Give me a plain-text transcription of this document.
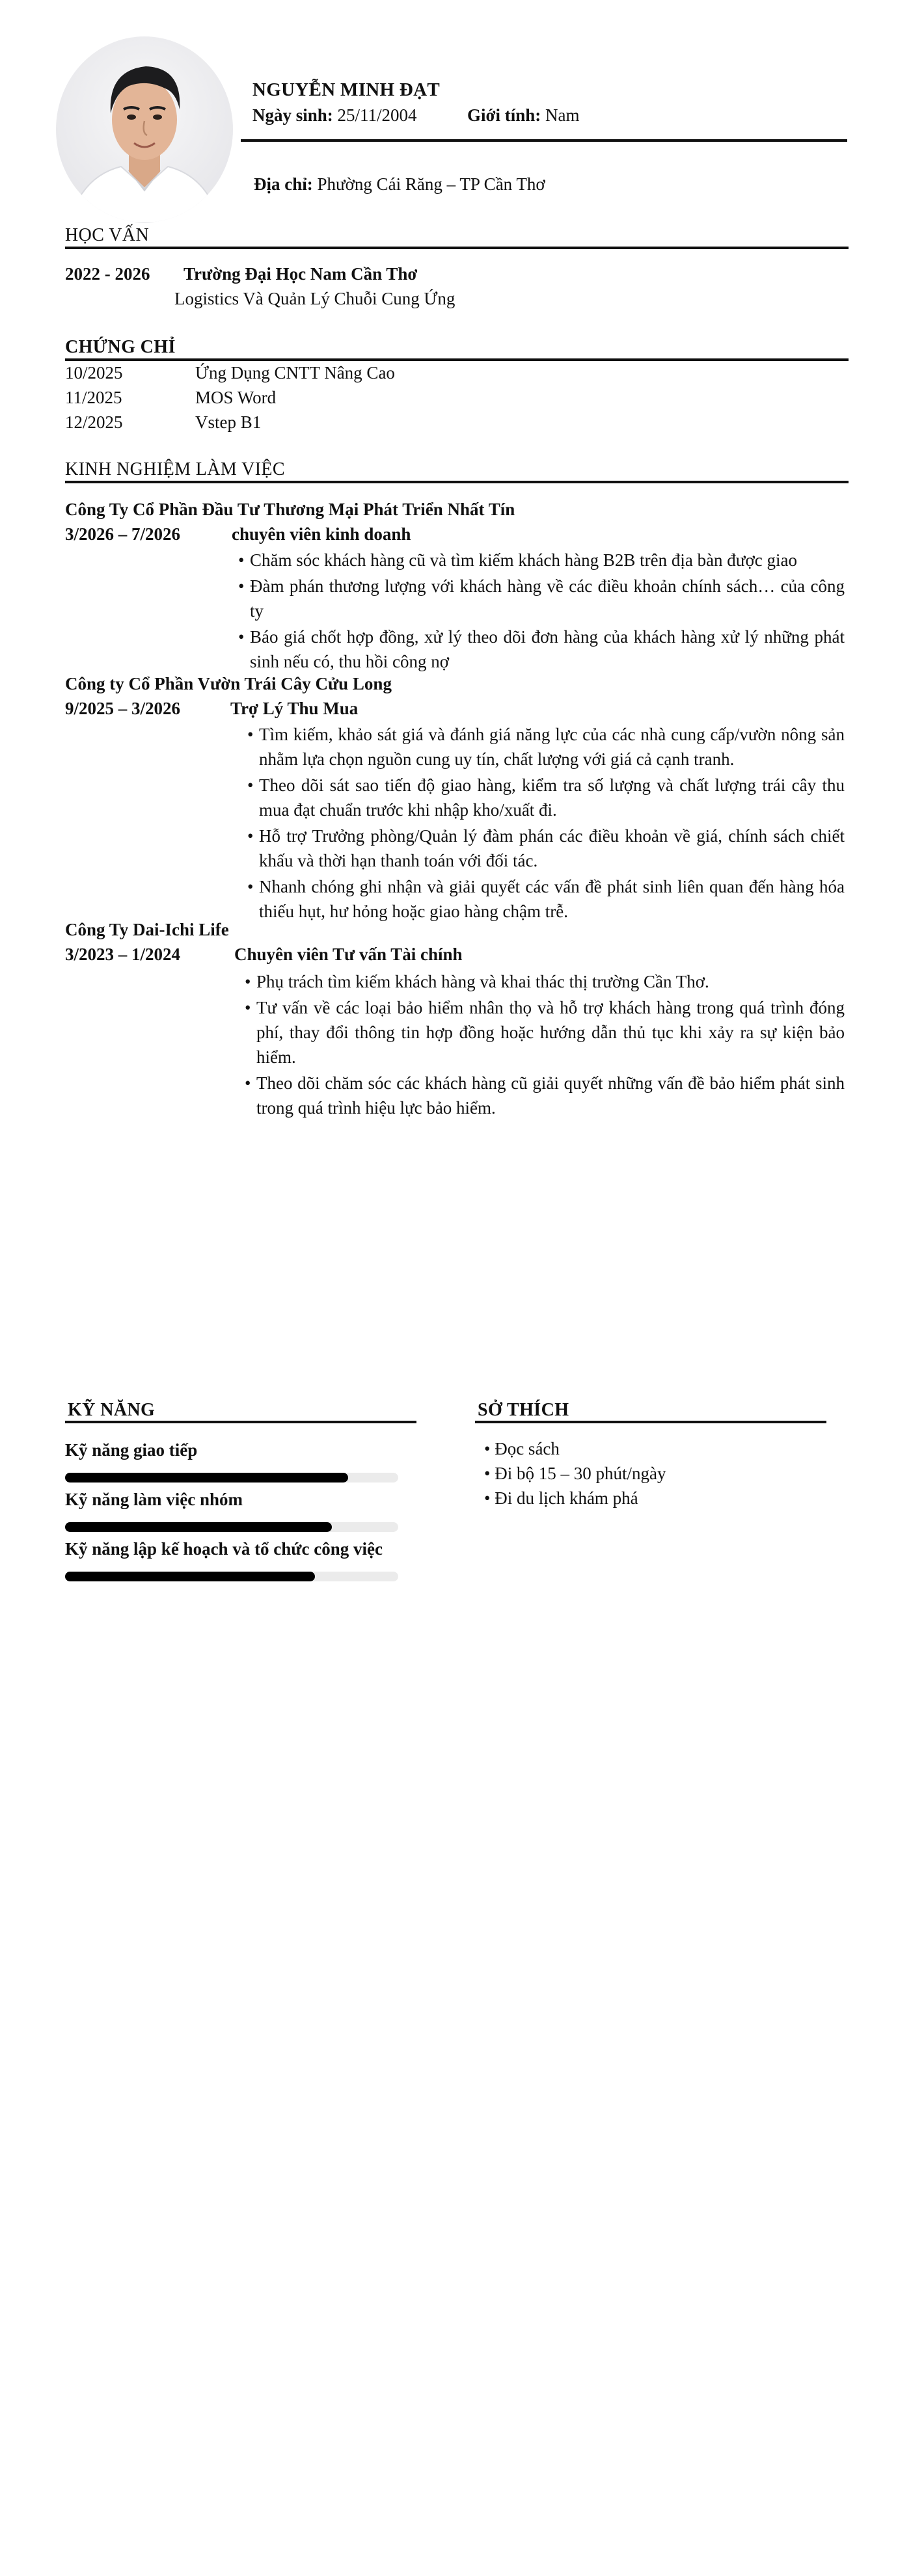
NGUYỄN MINH ĐẠT
Ngày sinh: 25/11/2004	Giới tính: Nam
Địa chỉ: Phường Cái Răng – TP Cần Thơ
HỌC VẤN
2022 - 2026 Trường Đại Học Nam Cần Thơ
Logistics Và Quản Lý Chuỗi Cung Ứng
CHỨNG CHỈ
10/2025	Ứng Dụng CNTT Nâng Cao
11/2025	MOS Word
12/2025	Vstep B1
KINH NGHIỆM LÀM VIỆC
Công Ty Cổ Phần Đầu Tư Thương Mại Phát Triển Nhất Tín
3/2026 – 7/2026	chuyên viên kinh doanh
• Chăm sóc khách hàng cũ và tìm kiếm khách hàng B2B trên địa bàn được giao
• Đàm phán thương lượng với khách hàng về các điều khoản chính sách… của công ty
• Báo giá chốt hợp đồng, xử lý theo dõi đơn hàng của khách hàng xử lý những phát sinh nếu có, thu hồi công nợ
Công ty Cổ Phần Vườn Trái Cây Cửu Long
9/2025 – 3/2026	Trợ Lý Thu Mua
• Tìm kiếm, khảo sát giá và đánh giá năng lực của các nhà cung cấp/vườn nông sản nhằm lựa chọn nguồn cung uy tín, chất lượng với giá cả cạnh tranh.
• Theo dõi sát sao tiến độ giao hàng, kiểm tra số lượng và chất lượng trái cây thu mua đạt chuẩn trước khi nhập kho/xuất đi.
• Hỗ trợ Trưởng phòng/Quản lý đàm phán các điều khoản về giá, chính sách chiết khấu và thời hạn thanh toán với đối tác.
• Nhanh chóng ghi nhận và giải quyết các vấn đề phát sinh liên quan đến hàng hóa thiếu hụt, hư hỏng hoặc giao hàng chậm trễ.
Công Ty Dai-Ichi Life
3/2023 – 1/2024	Chuyên viên Tư vấn Tài chính
• Phụ trách tìm kiếm khách hàng và khai thác thị trường Cần Thơ.
• Tư vấn về các loại bảo hiểm nhân thọ và hỗ trợ khách hàng trong quá trình đóng phí, thay đổi thông tin hợp đồng hoặc hướng dẫn thủ tục khi xảy ra sự kiện bảo hiểm.
• Theo dõi chăm sóc các khách hàng cũ giải quyết những vấn đề bảo hiểm phát sinh trong quá trình hiệu lực bảo hiểm.
KỸ NĂNG
Kỹ năng giao tiếp
Kỹ năng làm việc nhóm
Kỹ năng lập kế hoạch và tổ chức công việc
SỞ THÍCH
• Đọc sách
• Đi bộ 15 – 30 phút/ngày
• Đi du lịch khám phá
